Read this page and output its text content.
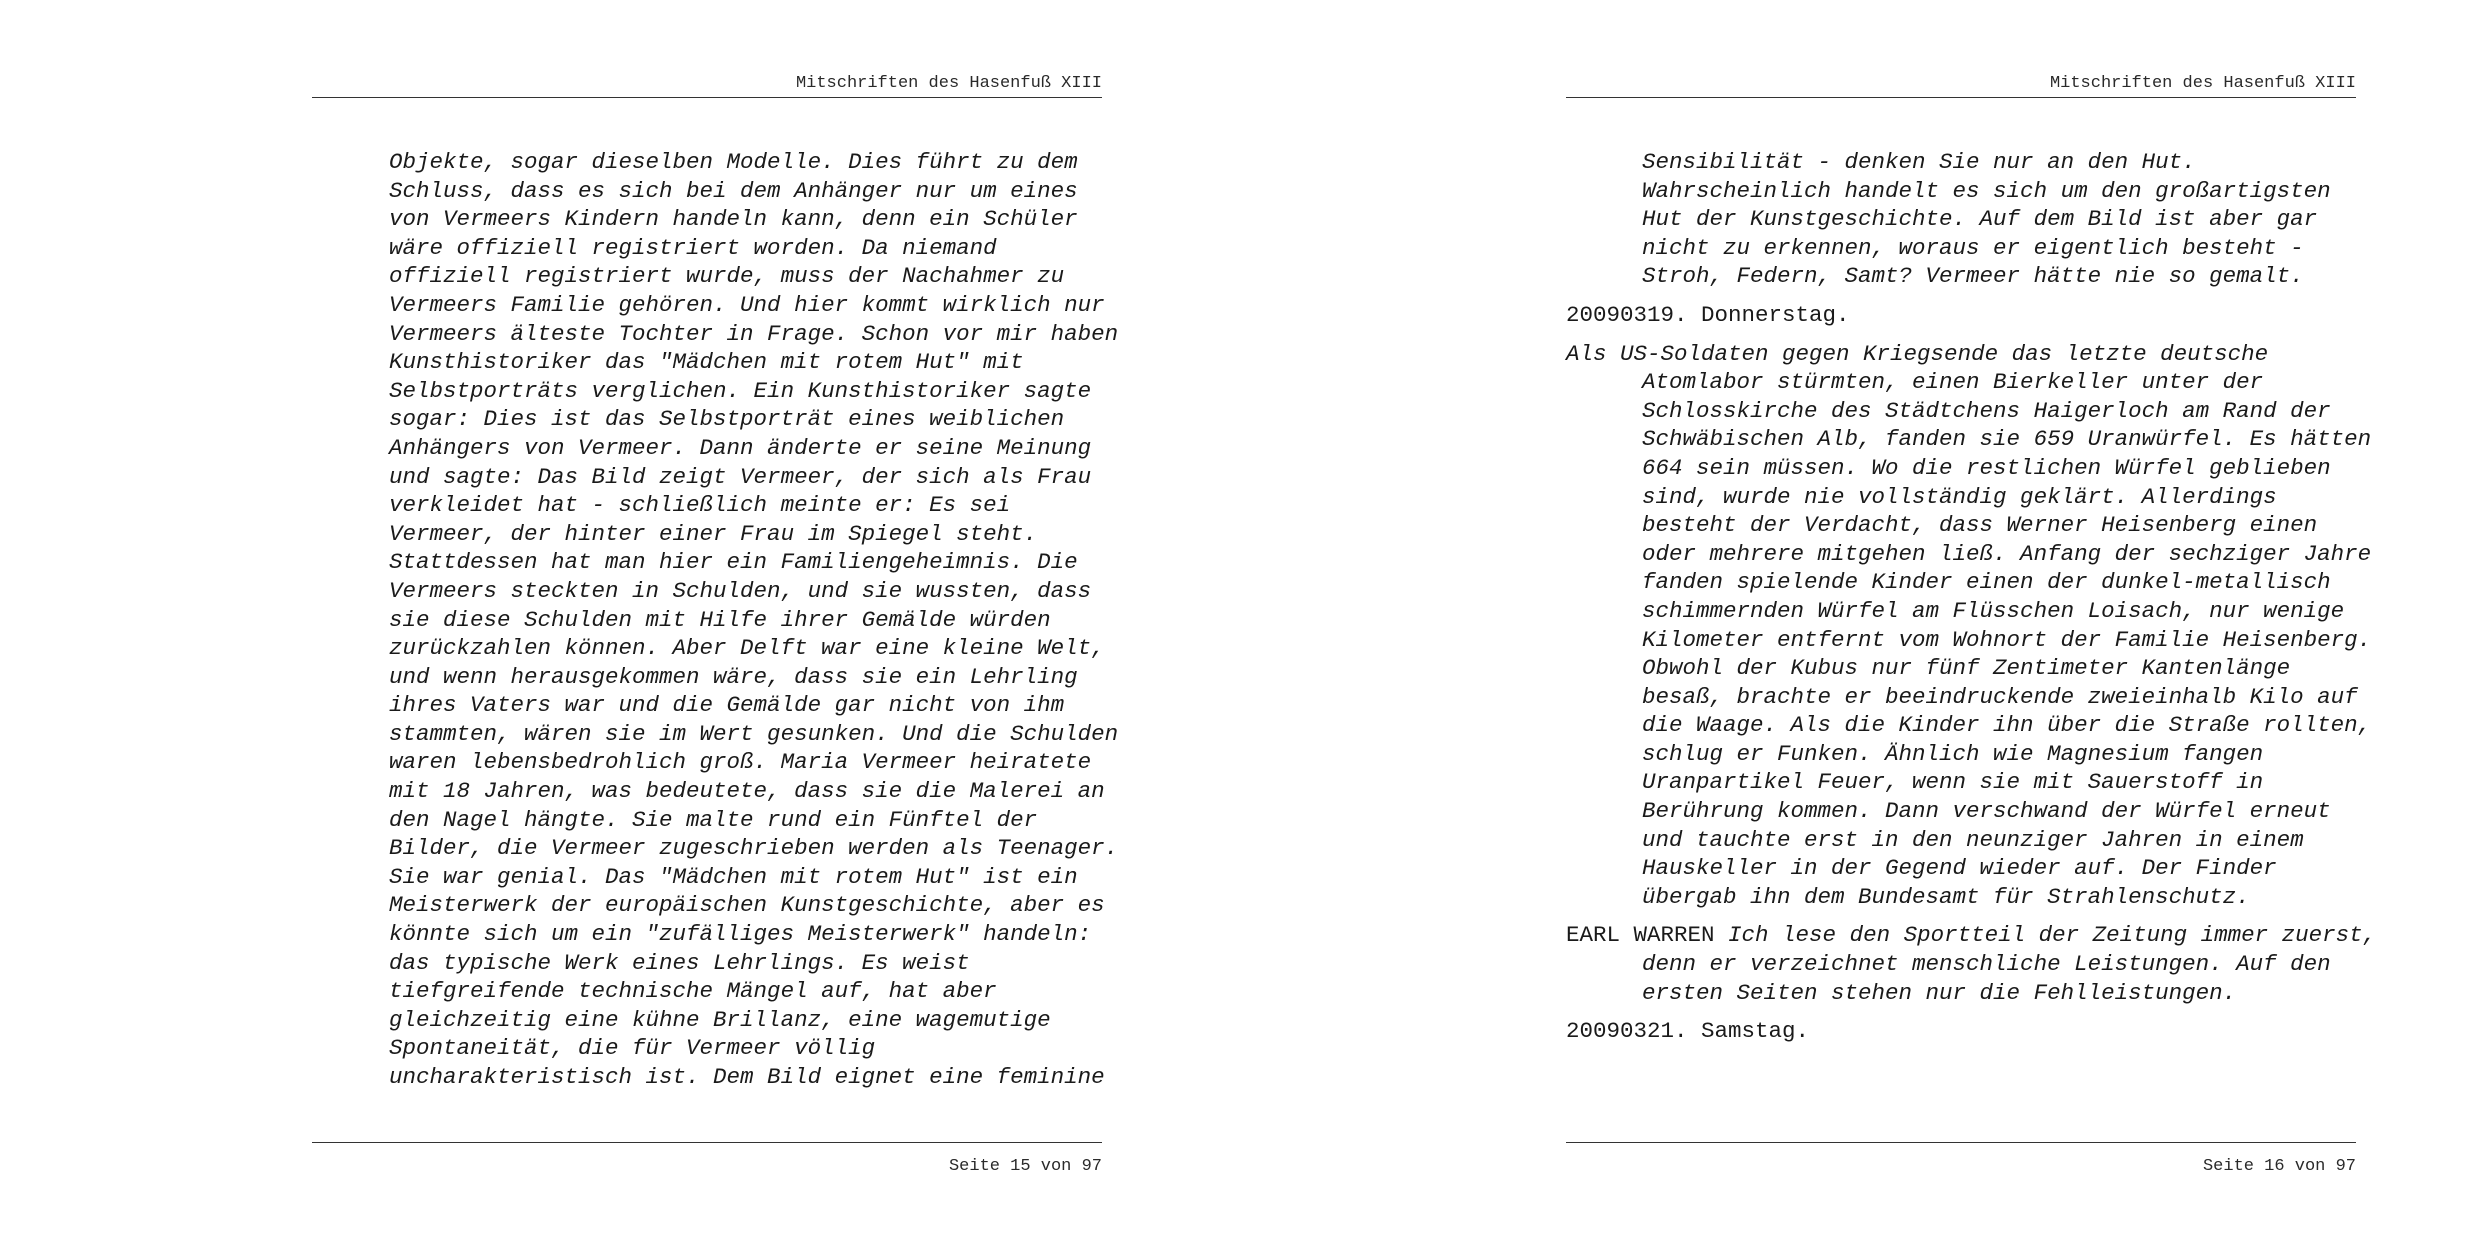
Mitschriften des Hasenfuß XIII
Objekte, sogar dieselben Modelle. Dies führt zu dem
Schluss, dass es sich bei dem Anhänger nur um eines
von Vermeers Kindern handeln kann, denn ein Schüler
wäre offiziell registriert worden. Da niemand
offiziell registriert wurde, muss der Nachahmer zu
Vermeers Familie gehören. Und hier kommt wirklich nur
Vermeers älteste Tochter in Frage. Schon vor mir haben
Kunsthistoriker das "Mädchen mit rotem Hut" mit
Selbstporträts verglichen. Ein Kunsthistoriker sagte
sogar: Dies ist das Selbstporträt eines weiblichen
Anhängers von Vermeer. Dann änderte er seine Meinung
und sagte: Das Bild zeigt Vermeer, der sich als Frau
verkleidet hat - schließlich meinte er: Es sei
Vermeer, der hinter einer Frau im Spiegel steht.
Stattdessen hat man hier ein Familiengeheimnis. Die
Vermeers steckten in Schulden, und sie wussten, dass
sie diese Schulden mit Hilfe ihrer Gemälde würden
zurückzahlen können. Aber Delft war eine kleine Welt,
und wenn herausgekommen wäre, dass sie ein Lehrling
ihres Vaters war und die Gemälde gar nicht von ihm
stammten, wären sie im Wert gesunken. Und die Schulden
waren lebensbedrohlich groß. Maria Vermeer heiratete
mit 18 Jahren, was bedeutete, dass sie die Malerei an
den Nagel hängte. Sie malte rund ein Fünftel der
Bilder, die Vermeer zugeschrieben werden als Teenager.
Sie war genial. Das "Mädchen mit rotem Hut" ist ein
Meisterwerk der europäischen Kunstgeschichte, aber es
könnte sich um ein "zufälliges Meisterwerk" handeln:
das typische Werk eines Lehrlings. Es weist
tiefgreifende technische Mängel auf, hat aber
gleichzeitig eine kühne Brillanz, eine wagemutige
Spontaneität, die für Vermeer völlig
uncharakteristisch ist. Dem Bild eignet eine feminine
Seite 15 von 97
Mitschriften des Hasenfuß XIII
Sensibilität - denken Sie nur an den Hut.
Wahrscheinlich handelt es sich um den großartigsten
Hut der Kunstgeschichte. Auf dem Bild ist aber gar
nicht zu erkennen, woraus er eigentlich besteht -
Stroh, Federn, Samt? Vermeer hätte nie so gemalt.
20090319. Donnerstag.
Als US-Soldaten gegen Kriegsende das letzte deutsche
Atomlabor stürmten, einen Bierkeller unter der
Schlosskirche des Städtchens Haigerloch am Rand der
Schwäbischen Alb, fanden sie 659 Uranwürfel. Es hätten
664 sein müssen. Wo die restlichen Würfel geblieben
sind, wurde nie vollständig geklärt. Allerdings
besteht der Verdacht, dass Werner Heisenberg einen
oder mehrere mitgehen ließ. Anfang der sechziger Jahre
fanden spielende Kinder einen der dunkel-metallisch
schimmernden Würfel am Flüsschen Loisach, nur wenige
Kilometer entfernt vom Wohnort der Familie Heisenberg.
Obwohl der Kubus nur fünf Zentimeter Kantenlänge
besaß, brachte er beeindruckende zweieinhalb Kilo auf
die Waage. Als die Kinder ihn über die Straße rollten,
schlug er Funken. Ähnlich wie Magnesium fangen
Uranpartikel Feuer, wenn sie mit Sauerstoff in
Berührung kommen. Dann verschwand der Würfel erneut
und tauchte erst in den neunziger Jahren in einem
Hauskeller in der Gegend wieder auf. Der Finder
übergab ihn dem Bundesamt für Strahlenschutz.
EARL WARREN Ich lese den Sportteil der Zeitung immer zuerst,
denn er verzeichnet menschliche Leistungen. Auf den
ersten Seiten stehen nur die Fehlleistungen.
20090321. Samstag.
Seite 16 von 97
